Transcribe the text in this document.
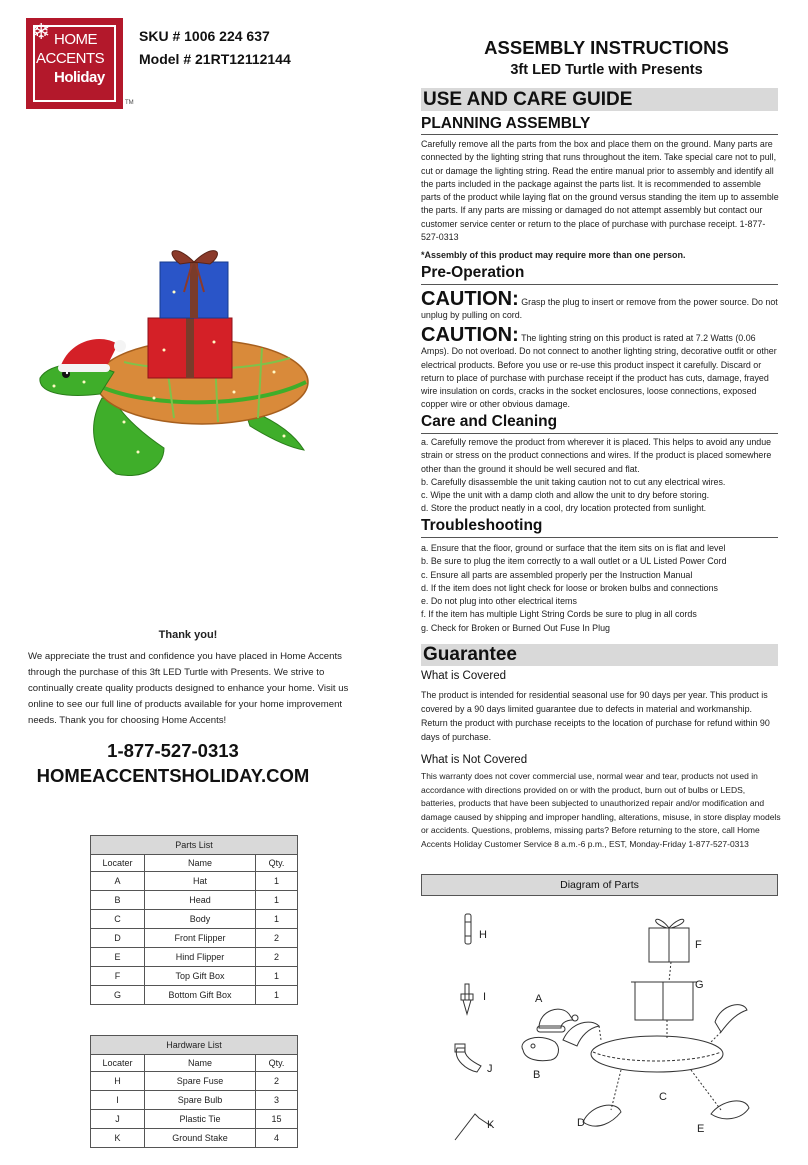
❄ HOME
ACCENTS
Holiday
TM
SKU # 1006 224 637
Model # 21RT12112144
Thank you!

We appreciate the trust and confidence you have placed in Home Accents through the purchase of this 3ft LED Turtle with Presents. We strive to continually create quality products designed to enhance your home. Visit us online to see our full line of products available for your home improvement needs. Thank you for choosing Home Accents!

1-877-527-0313
HOMEACCENTSHOLIDAY.COM
Parts List		
Locater	Name	Qty.
A	Hat	1
B	Head	1
C	Body	1
D	Front Flipper	2
E	Hind Flipper	2
F	Top Gift Box	1
G	Bottom Gift Box	1
Hardware List		
Locater	Name	Qty.
H	Spare Fuse	2
I	Spare Bulb	3
J	Plastic Tie	15
K	Ground Stake	4
ASSEMBLY INSTRUCTIONS
3ft LED Turtle with Presents
USE AND CARE GUIDE
PLANNING ASSEMBLY

Carefully remove all the parts from the box and place them on the ground. Many parts are connected by the lighting string that runs throughout the item. Take special care not to pull, cut or damage the lighting string. Read the entire manual prior to assembly and identify all the parts included in the package against the parts list. It is recommended to assemble parts of the product while laying flat on the ground versus standing the item up to assemble the parts. If any parts are missing or damaged do not attempt assembly but contact our customer service center or return to the place of purchase with purchase receipt. 1-877-527-0313

*Assembly of this product may require more than one person.

Pre-Operation

CAUTION: Grasp the plug to insert or remove from the power source. Do not unplug by pulling on cord.

CAUTION: The lighting string on this product is rated at 7.2 Watts (0.06 Amps). Do not overload. Do not connect to another lighting string, decorative outfit or other electrical products. Before you use or re-use this product inspect it carefully. Discard or return to place of purchase with purchase receipt if the product has cuts, damage, frayed wire insulation on cords, cracks in the socket enclosures, loose connections, exposed copper wire or other obvious damage.

Care and Cleaning
a. Carefully remove the product from wherever it is placed. This helps to avoid any undue strain or stress on the product connections and wires. If the product is placed somewhere other than the ground it should be well secured and flat.
b. Carefully disassemble the unit taking caution not to cut any electrical wires.
c. Wipe the unit with a damp cloth and allow the unit to dry before storing.
d. Store the product neatly in a cool, dry location protected from sunlight.
Troubleshooting
a. Ensure that the floor, ground or surface that the item sits on is flat and level
b. Be sure to plug the item correctly to a wall outlet or a UL Listed Power Cord
c. Ensure all parts are assembled properly per the Instruction Manual
d. If the item does not light check for loose or broken bulbs and connections
e. Do not plug into other electrical items
f. If the item has multiple Light String Cords be sure to plug in all cords
g. Check for Broken or Burned Out Fuse In Plug
Guarantee
What is Covered

The product is intended for residential seasonal use for 90 days per year. This product is covered by a 90 days limited guarantee due to defects in material and workmanship. Return the product with purchase receipts to the location of purchase for refund within 90 days of purchase.

What is Not Covered

This warranty does not cover commercial use, normal wear and tear, products not used in accordance with directions provided on or with the product, burn out of bulbs or LEDS, batteries, products that have been subjected to unauthorized repair and/or modification and damage caused by shipping and improper handling, alterations, misuse, in store display models or accidents. Questions, problems, missing parts? Before returning to the store, call Home Accents Holiday Customer Service 8 a.m.-6 p.m., EST, Monday-Friday 1-877-527-0313

Diagram of Parts
H
I
J
K
F
G
A
B
C
D	E
